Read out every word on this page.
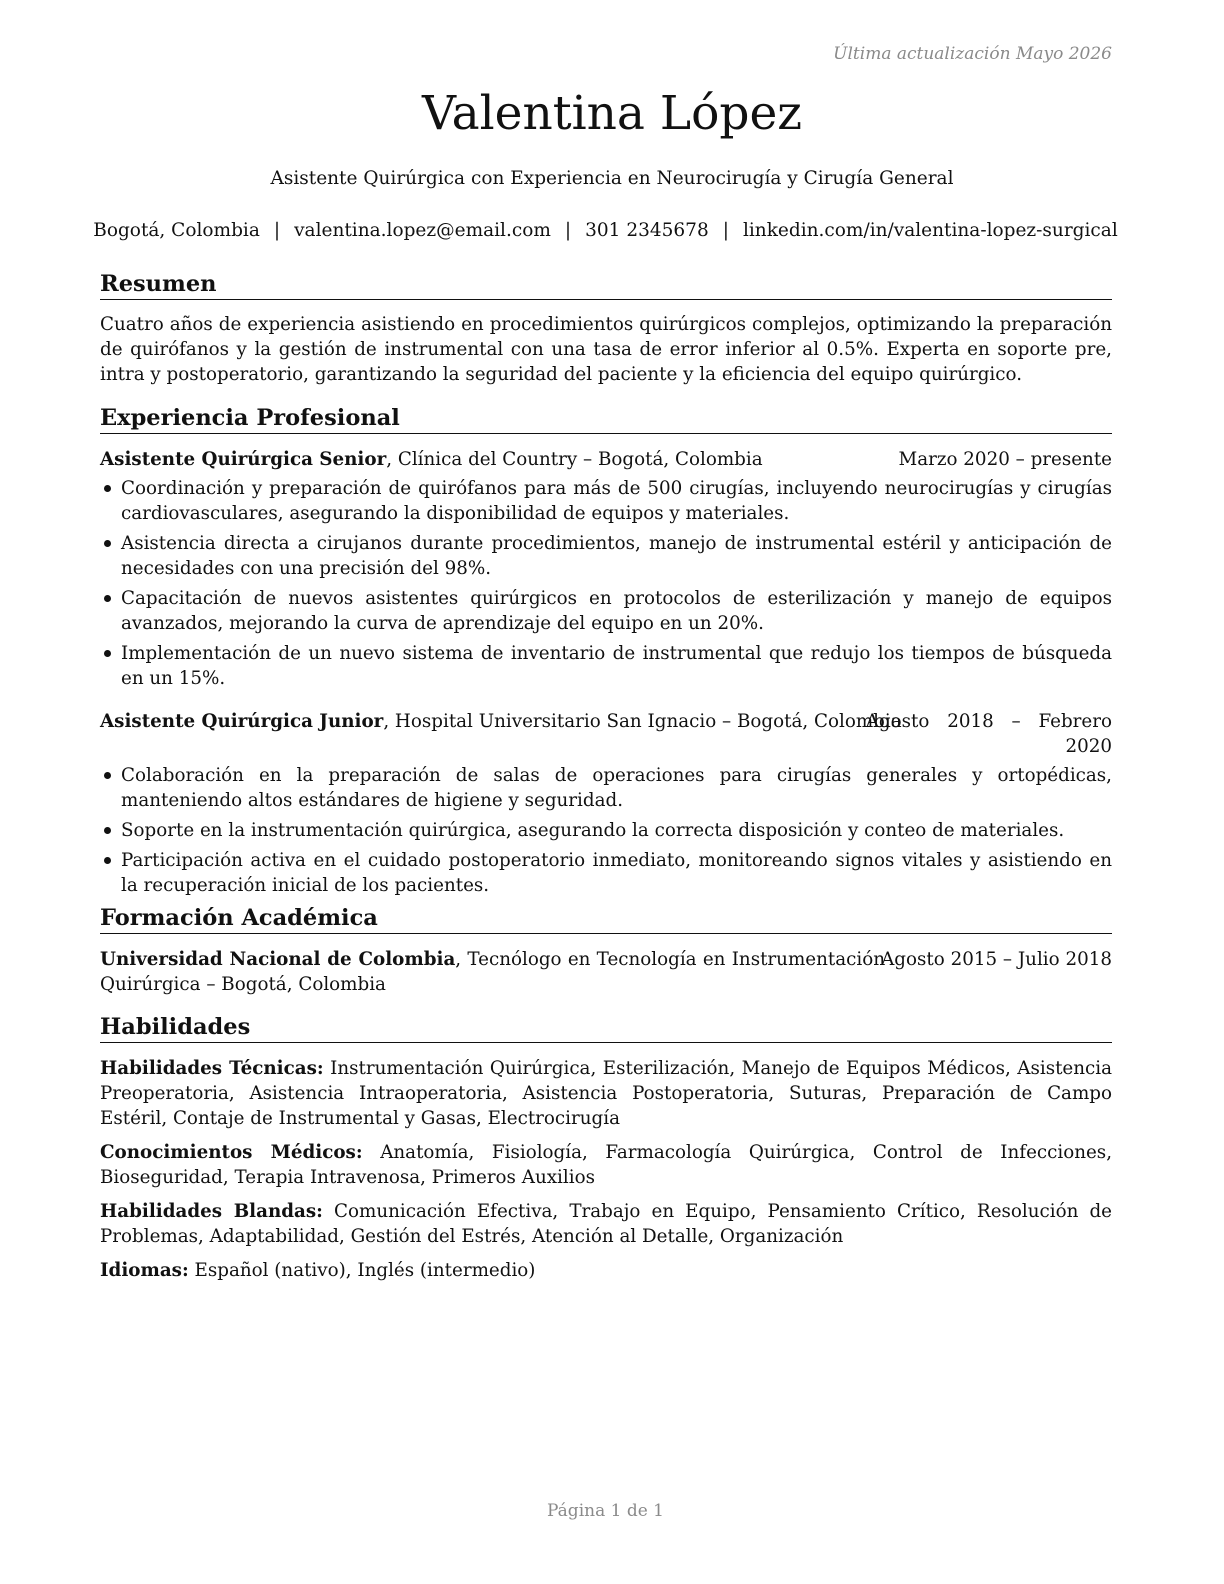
Última actualización Mayo 2026
Valentina López
Asistente Quirúrgica con Experiencia en Neurocirugía y Cirugía General
Bogotá, Colombia | valentina.lopez@email.com | 301 2345678 | linkedin.com/in/valentina-lopez-surgical
Resumen
Cuatro años de experiencia asistiendo en procedimientos quirúrgicos complejos, optimizando la preparación de quirófanos y la gestión de instrumental con una tasa de error inferior al 0.5%. Experta en soporte pre, intra y postoperatorio, garantizando la seguridad del paciente y la eficiencia del equipo quirúrgico.
Experiencia Profesional
Asistente Quirúrgica Senior, Clínica del Country – Bogotá, Colombia	Marzo 2020 – presente
Coordinación y preparación de quirófanos para más de 500 cirugías, incluyendo neurocirugías y cirugías cardiovasculares, asegurando la disponibilidad de equipos y materiales.
Asistencia directa a cirujanos durante procedimientos, manejo de instrumental estéril y anticipación de necesidades con una precisión del 98%.
Capacitación de nuevos asistentes quirúrgicos en protocolos de esterilización y manejo de equipos avanzados, mejorando la curva de aprendizaje del equipo en un 20%.
Implementación de un nuevo sistema de inventario de instrumental que redujo los tiempos de búsqueda en un 15%.
Asistente Quirúrgica Junior, Hospital Universitario San Ignacio – Bogotá, Colombia
Agosto 2018 – Febrero
2020
Colaboración en la preparación de salas de operaciones para cirugías generales y ortopédicas, manteniendo altos estándares de higiene y seguridad.
Soporte en la instrumentación quirúrgica, asegurando la correcta disposición y conteo de materiales.
Participación activa en el cuidado postoperatorio inmediato, monitoreando signos vitales y asistiendo en la recuperación inicial de los pacientes.
Formación Académica
Universidad Nacional de Colombia, Tecnólogo en Tecnología en Instrumentación Quirúrgica – Bogotá, Colombia
Agosto 2015 – Julio 2018
Habilidades
Habilidades Técnicas: Instrumentación Quirúrgica, Esterilización, Manejo de Equipos Médicos, Asistencia Preoperatoria, Asistencia Intraoperatoria, Asistencia Postoperatoria, Suturas, Preparación de Campo Estéril, Contaje de Instrumental y Gasas, Electrocirugía
Conocimientos Médicos: Anatomía, Fisiología, Farmacología Quirúrgica, Control de Infecciones, Bioseguridad, Terapia Intravenosa, Primeros Auxilios
Habilidades Blandas: Comunicación Efectiva, Trabajo en Equipo, Pensamiento Crítico, Resolución de Problemas, Adaptabilidad, Gestión del Estrés, Atención al Detalle, Organización
Idiomas: Español (nativo), Inglés (intermedio)
Página 1 de 1
